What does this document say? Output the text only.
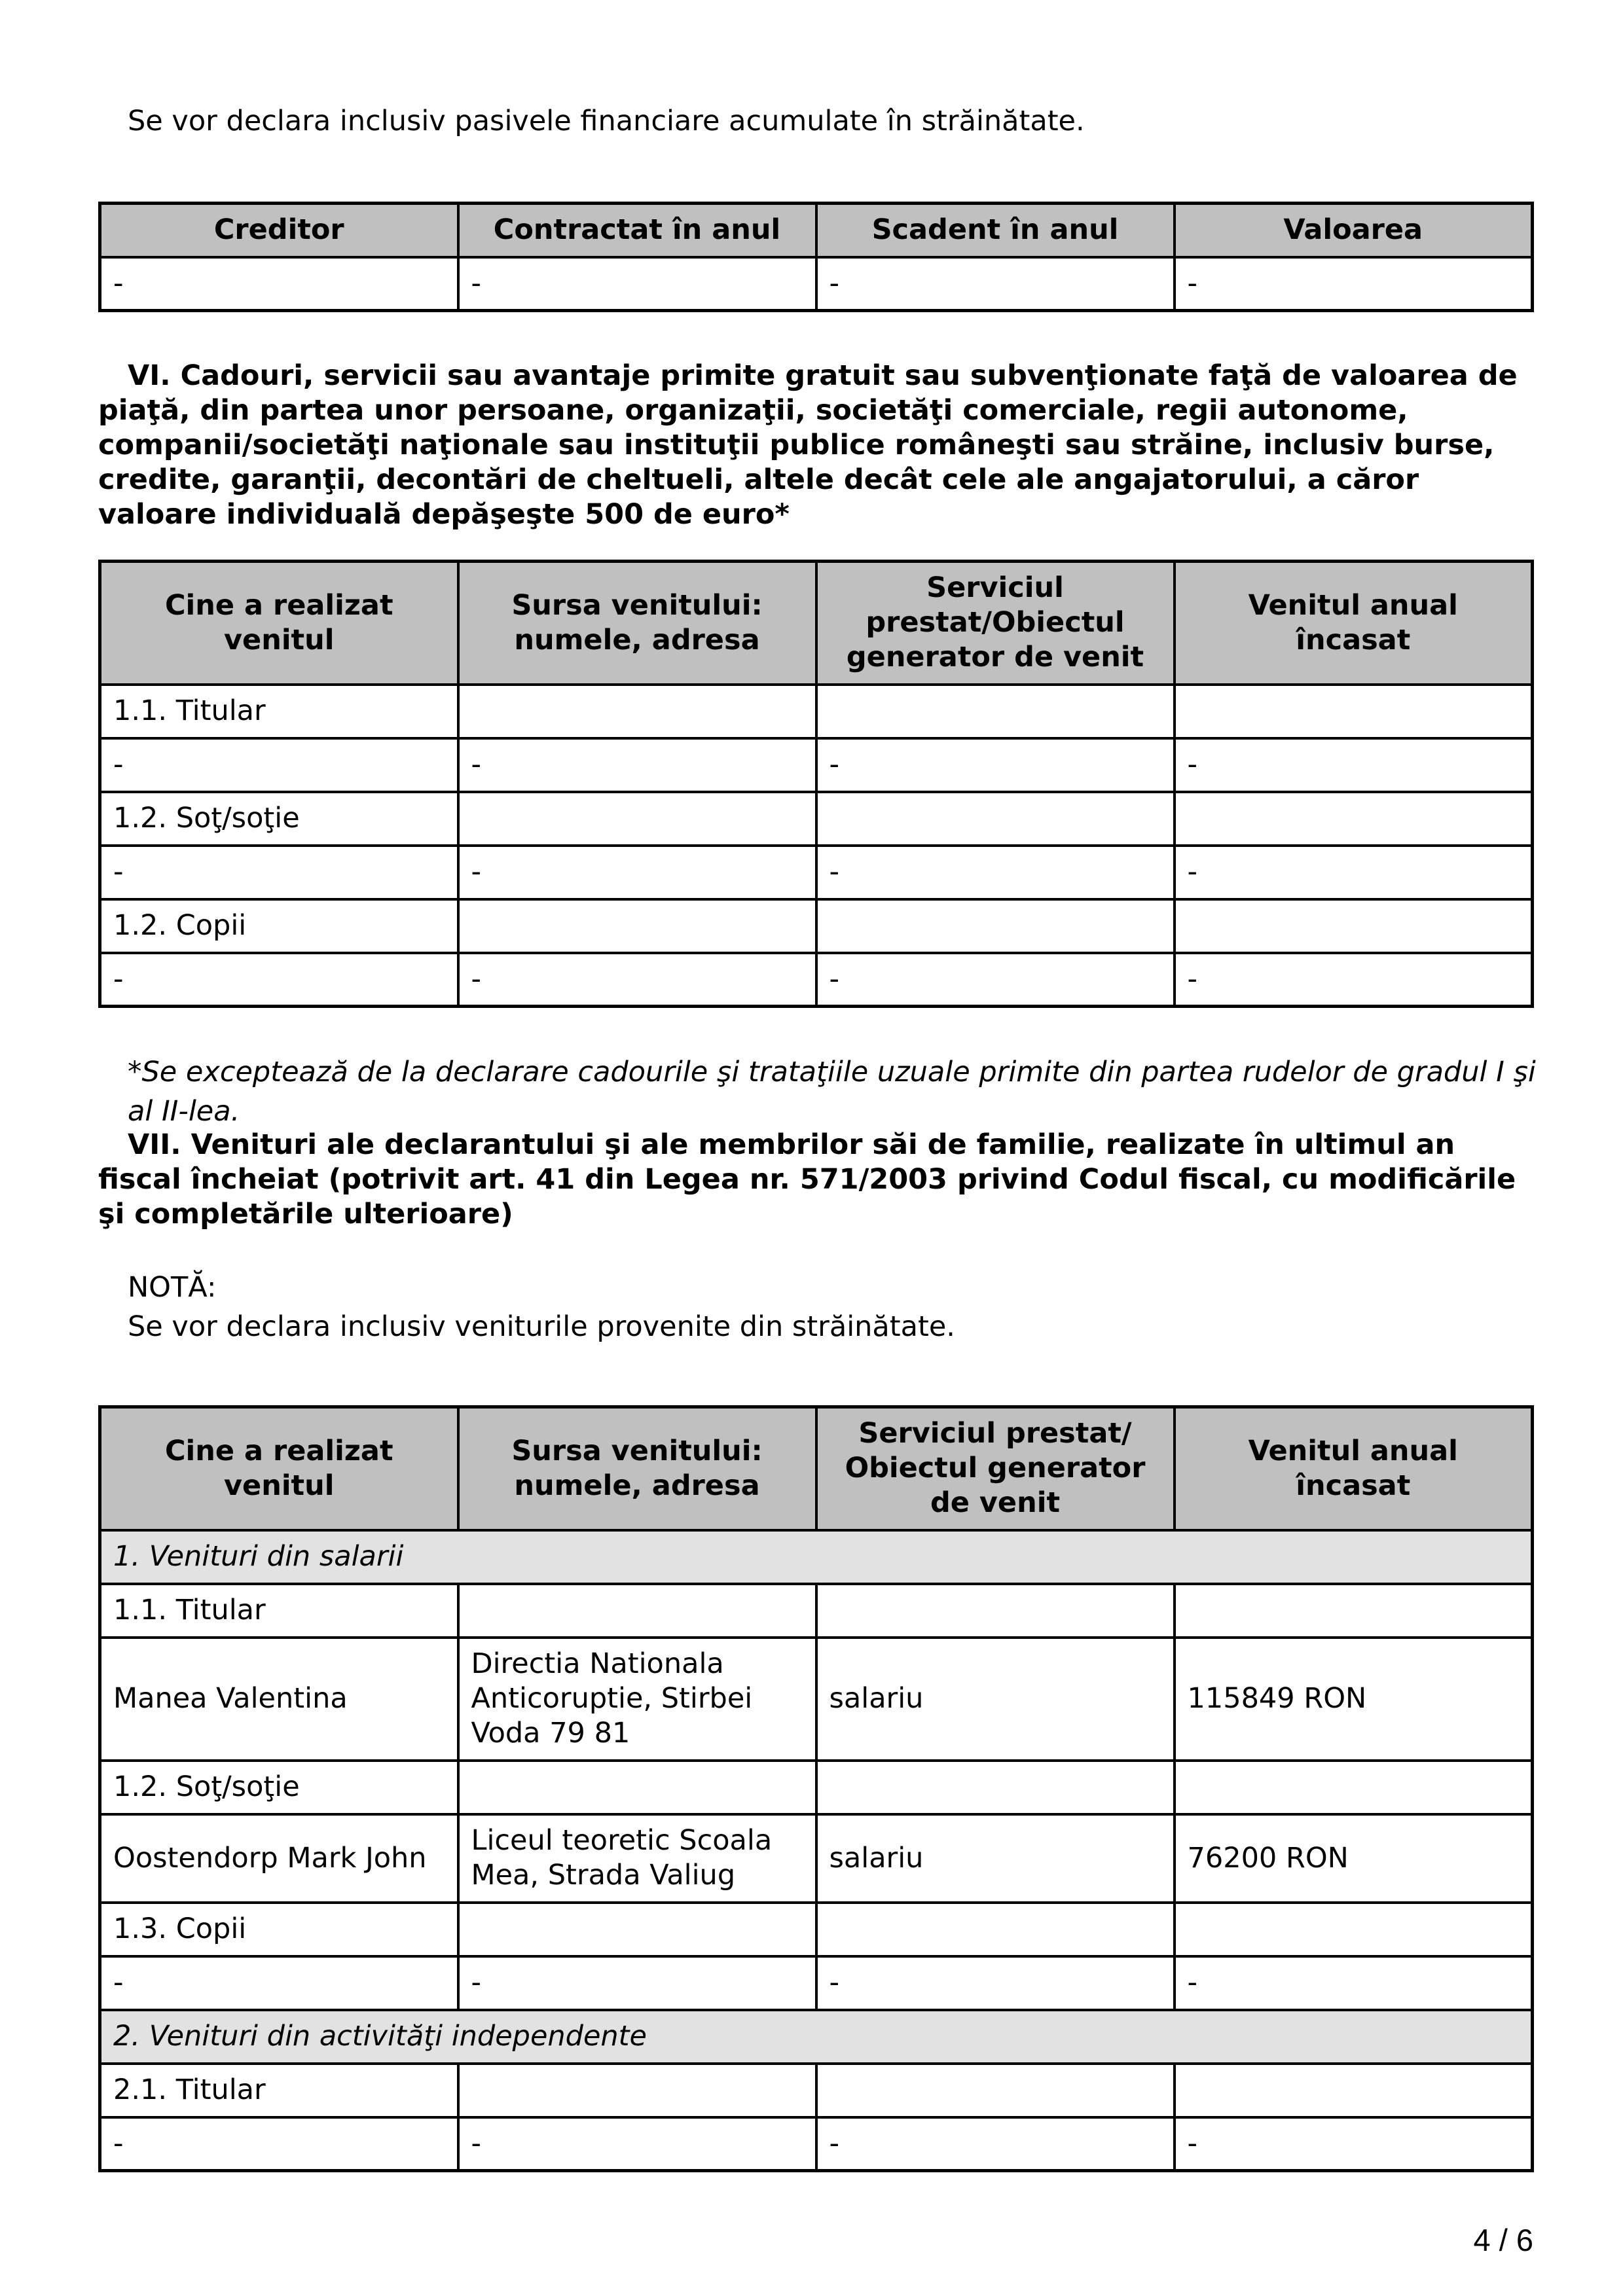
Se vor declara inclusiv pasivele financiare acumulate în străinătate.

Creditor	Contractat în anul	Scadent în anul	Valoarea
-	-	-	-

VI. Cadouri, servicii sau avantaje primite gratuit sau subvenţionate faţă de valoarea de piaţă, din partea unor persoane, organizaţii, societăţi comerciale, regii autonome, companii/societăţi naţionale sau instituţii publice româneşti sau străine, inclusiv burse, credite, garanţii, decontări de cheltueli, altele decât cele ale angajatorului, a căror valoare individuală depăşeşte 500 de euro*

Cine a realizat venitul	Sursa venitului: numele, adresa	Serviciul prestat/Obiectul generator de venit	Venitul anual încasat
1.1. Titular			
-	-	-	-
1.2. Soţ/soţie			
-	-	-	-
1.2. Copii			
-	-	-	-

*Se exceptează de la declarare cadourile şi trataţiile uzuale primite din partea rudelor de gradul I şi al II-lea.

VII. Venituri ale declarantului şi ale membrilor săi de familie, realizate în ultimul an fiscal încheiat (potrivit art. 41 din Legea nr. 571/2003 privind Codul fiscal, cu modificările şi completările ulterioare)

NOTĂ:

Se vor declara inclusiv veniturile provenite din străinătate.

Cine a realizat venitul	Sursa venitului: numele, adresa	Serviciul prestat/ Obiectul generator de venit	Venitul anual încasat
1. Venituri din salarii			
1.1. Titular			
Manea Valentina	Directia Nationala Anticoruptie, Stirbei Voda 79 81	salariu	115849 RON
1.2. Soţ/soţie			
Oostendorp Mark John	Liceul teoretic Scoala Mea, Strada Valiug	salariu	76200 RON
1.3. Copii			
-	-	-	-
2. Venituri din activităţi independente			
2.1. Titular			
-	-	-	-
4 / 6
